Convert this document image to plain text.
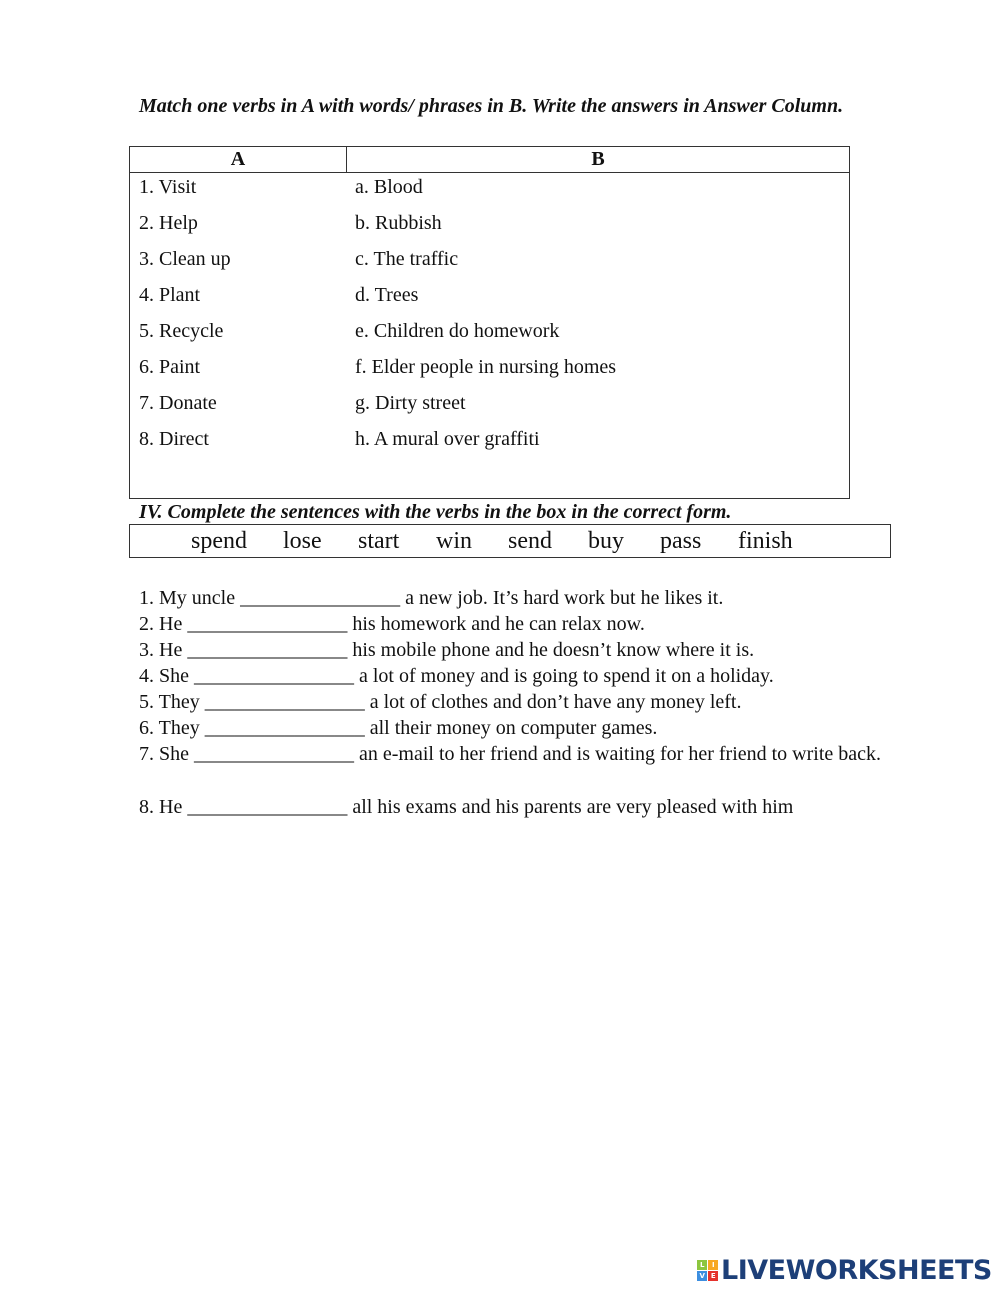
Match one verbs in A with words/ phrases in B. Write the answers in Answer Column.
A	B
1. Visit	a. Blood
2. Help	b. Rubbish
3. Clean up	c. The traffic
4. Plant	d. Trees
5. Recycle	e. Children do homework
6. Paint	f. Elder people in nursing homes
7. Donate	g. Dirty street
8. Direct	h. A mural over graffiti
IV. Complete the sentences with the verbs in the box in the correct form.
spend lose start win send buy pass finish
L	I
V E LIVEWORKSHEETS
1. My uncle ________________ a new job. It’s hard work but he likes it.
2. He ________________ his homework and he can relax now.
3. He ________________ his mobile phone and he doesn’t know where it is.
4. She ________________ a lot of money and is going to spend it on a holiday.
5. They ________________ a lot of clothes and don’t have any money left.
6. They ________________ all their money on computer games.
7. She ________________ an e-mail to her friend and is waiting for her friend to write back.
8. He ________________ all his exams and his parents are very pleased with him
